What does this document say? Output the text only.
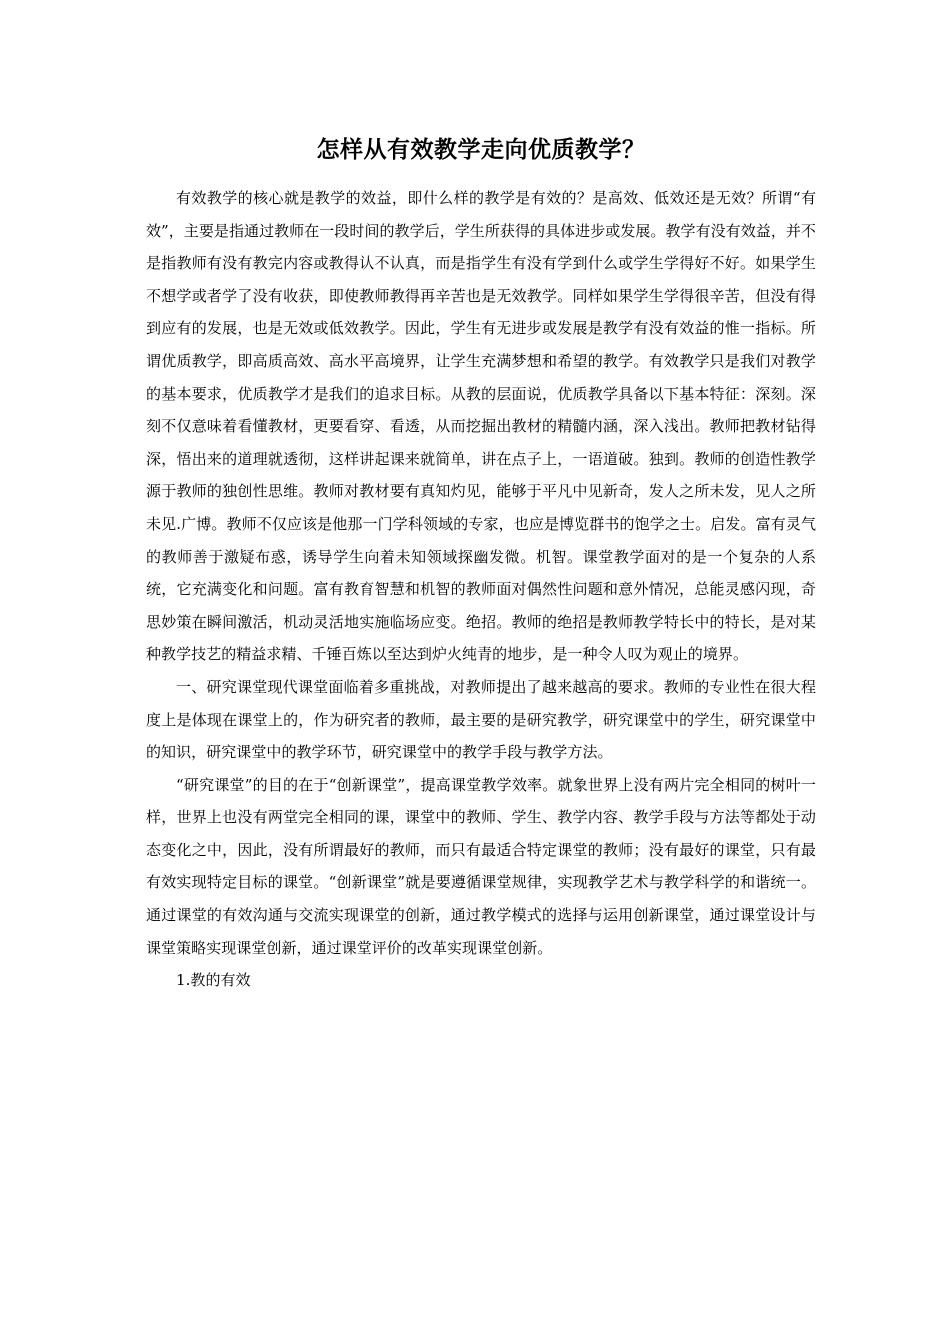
怎样从有效教学走向优质教学？

有效教学的核心就是教学的效益，即什么样的教学是有效的？是高效、低效还是无效？所谓“有效”，主要是指通过教师在一段时间的教学后，学生所获得的具体进步或发展。教学有没有效益，并不是指教师有没有教完内容或教得认不认真，而是指学生有没有学到什么或学生学得好不好。如果学生不想学或者学了没有收获，即使教师教得再辛苦也是无效教学。同样如果学生学得很辛苦，但没有得到应有的发展，也是无效或低效教学。因此，学生有无进步或发展是教学有没有效益的惟一指标。所谓优质教学，即高质高效、高水平高境界，让学生充满梦想和希望的教学。有效教学只是我们对教学的基本要求，优质教学才是我们的追求目标。从教的层面说，优质教学具备以下基本特征：深刻。深刻不仅意味着看懂教材，更要看穿、看透，从而挖掘出教材的精髓内涵，深入浅出。教师把教材钻得深，悟出来的道理就透彻，这样讲起课来就简单，讲在点子上，一语道破。独到。教师的创造性教学源于教师的独创性思维。教师对教材要有真知灼见，能够于平凡中见新奇，发人之所未发，见人之所未见.广博。教师不仅应该是他那一门学科领域的专家，也应是博览群书的饱学之士。启发。富有灵气的教师善于激疑布惑，诱导学生向着未知领域探幽发微。机智。课堂教学面对的是一个复杂的人系统，它充满变化和问题。富有教育智慧和机智的教师面对偶然性问题和意外情况，总能灵感闪现，奇思妙策在瞬间激活，机动灵活地实施临场应变。绝招。教师的绝招是教师教学特长中的特长，是对某种教学技艺的精益求精、千锤百炼以至达到炉火纯青的地步，是一种令人叹为观止的境界。

一、研究课堂现代课堂面临着多重挑战，对教师提出了越来越高的要求。教师的专业性在很大程度上是体现在课堂上的，作为研究者的教师，最主要的是研究教学，研究课堂中的学生，研究课堂中的知识，研究课堂中的教学环节，研究课堂中的教学手段与教学方法。

“研究课堂”的目的在于“创新课堂”，提高课堂教学效率。就象世界上没有两片完全相同的树叶一样，世界上也没有两堂完全相同的课，课堂中的教师、学生、教学内容、教学手段与方法等都处于动态变化之中，因此，没有所谓最好的教师，而只有最适合特定课堂的教师；没有最好的课堂，只有最有效实现特定目标的课堂。“创新课堂”就是要遵循课堂规律，实现教学艺术与教学科学的和谐统一。通过课堂的有效沟通与交流实现课堂的创新，通过教学模式的选择与运用创新课堂，通过课堂设计与课堂策略实现课堂创新，通过课堂评价的改革实现课堂创新。

1.教的有效
